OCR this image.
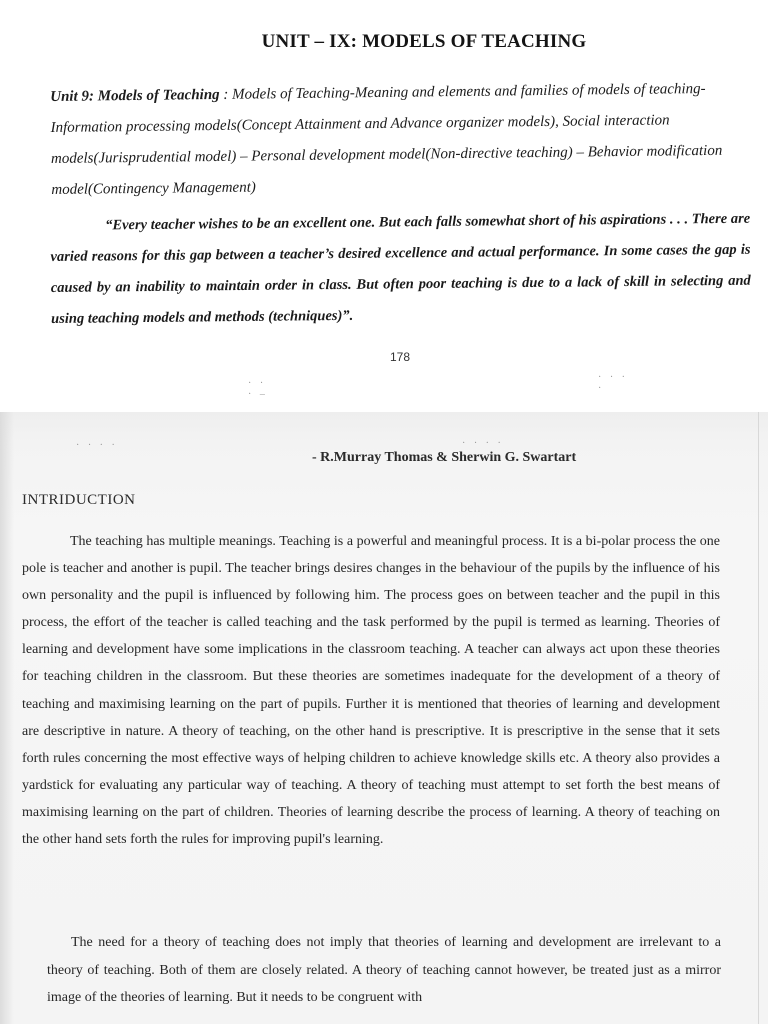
UNIT – IX: MODELS OF TEACHING
Unit 9: Models of Teaching : Models of Teaching-Meaning and elements and families of models of teaching-Information processing models(Concept Attainment and Advance organizer models), Social interaction models(Jurisprudential model) – Personal development model(Non-directive teaching) – Behavior modification model(Contingency Management)
“Every teacher wishes to be an excellent one. But each falls somewhat short of his aspirations . . . There are varied reasons for this gap between a teacher’s desired excellence and actual performance. In some cases the gap is caused by an inability to maintain order in class. But often poor teaching is due to a lack of skill in selecting and using teaching models and methods (techniques)”.
178
· ·
· –
· · ·
·
· · · ·	· · · ·
- R.Murray Thomas & Sherwin G. Swartart
INTRIDUCTION
The teaching has multiple meanings. Teaching is a powerful and meaningful process. It is a bi-polar process the one pole is teacher and another is pupil. The teacher brings desires changes in the behaviour of the pupils by the influence of his own personality and the pupil is influenced by following him. The process goes on between teacher and the pupil in this process, the effort of the teacher is called teaching and the task performed by the pupil is termed as learning. Theories of learning and development have some implications in the classroom teaching. A teacher can always act upon these theories for teaching children in the classroom. But these theories are sometimes inadequate for the development of a theory of teaching and maximising learning on the part of pupils. Further it is mentioned that theories of learning and development are descriptive in nature. A theory of teaching, on the other hand is prescriptive. It is prescriptive in the sense that it sets forth rules concerning the most effective ways of helping children to achieve knowledge skills etc. A theory also provides a yardstick for evaluating any particular way of teaching. A theory of teaching must attempt to set forth the best means of maximising learning on the part of children. Theories of learning describe the process of learning. A theory of teaching on the other hand sets forth the rules for improving pupil's learning.
The need for a theory of teaching does not imply that theories of learning and development are irrelevant to a theory of teaching. Both of them are closely related. A theory of teaching cannot however, be treated just as a mirror image of the theories of learning. But it needs to be congruent with
